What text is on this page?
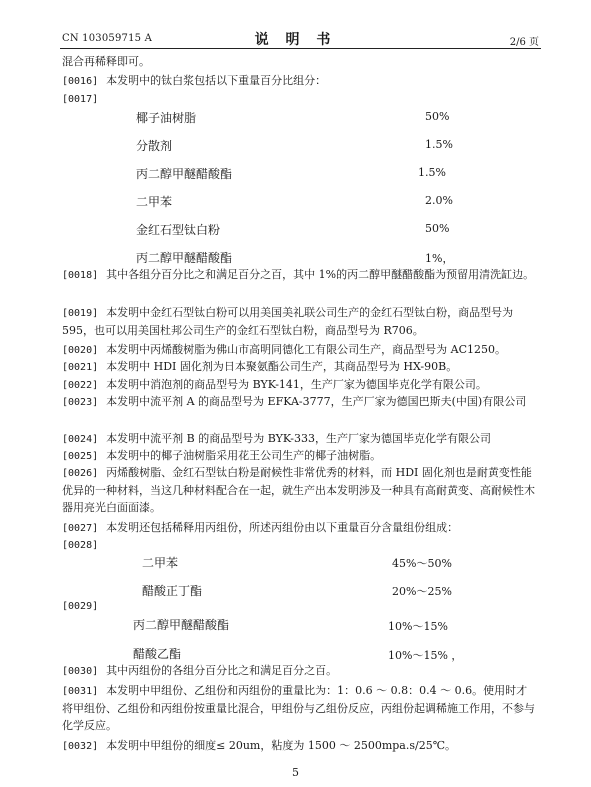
CN 103059715 A	说 明 书	2/6 页
混合再稀释即可。
[0016] 本发明中的钛白浆包括以下重量百分比组分：
[0017]
椰子油树脂	50%
分散剂	1.5%
丙二醇甲醚醋酸酯	1.5%
二甲苯	2.0%
金红石型钛白粉	50%
丙二醇甲醚醋酸酯	1%，
[0018] 其中各组分百分比之和满足百分之百，其中 1%的丙二醇甲醚醋酸酯为预留用清洗缸边。
[0019] 本发明中金红石型钛白粉可以用美国美礼联公司生产的金红石型钛白粉，商品型号为 595，也可以用美国杜邦公司生产的金红石型钛白粉，商品型号为 R706。
[0020] 本发明中丙烯酸树脂为佛山市高明同德化工有限公司生产，商品型号为 AC1250。
[0021] 本发明中 HDI 固化剂为日本聚氨酯公司生产，其商品型号为 HX-90B。
[0022] 本发明中消泡剂的商品型号为 BYK-141，生产厂家为德国毕克化学有限公司。
[0023] 本发明中流平剂 A 的商品型号为 EFKA-3777，生产厂家为德国巴斯夫(中国)有限公司
[0024] 本发明中流平剂 B 的商品型号为 BYK-333，生产厂家为德国毕克化学有限公司
[0025] 本发明中的椰子油树脂采用花王公司生产的椰子油树脂。
[0026] 丙烯酸树脂、金红石型钛白粉是耐候性非常优秀的材料，而 HDI 固化剂也是耐黄变性能优异的一种材料，当这几种材料配合在一起，就生产出本发明涉及一种具有高耐黄变、高耐候性木器用亮光白面面漆。
[0027] 本发明还包括稀释用丙组份，所述丙组份由以下重量百分含量组份组成：
[0028]
二甲苯	45%～50%
醋酸正丁酯	20%～25%
[0029]
丙二醇甲醚醋酸酯	10%～15%
醋酸乙酯	10%～15% ，
[0030] 其中丙组份的各组分百分比之和满足百分之百。
[0031] 本发明中甲组份、乙组份和丙组份的重量比为：1：0.6 ～ 0.8：0.4 ～ 0.6。使用时才将甲组份、乙组份和丙组份按重量比混合，甲组份与乙组份反应，丙组份起调稀施工作用，不参与化学反应。
[0032] 本发明中甲组份的细度≤ 20um，粘度为 1500 ～ 2500mpa.s/25℃。
5
